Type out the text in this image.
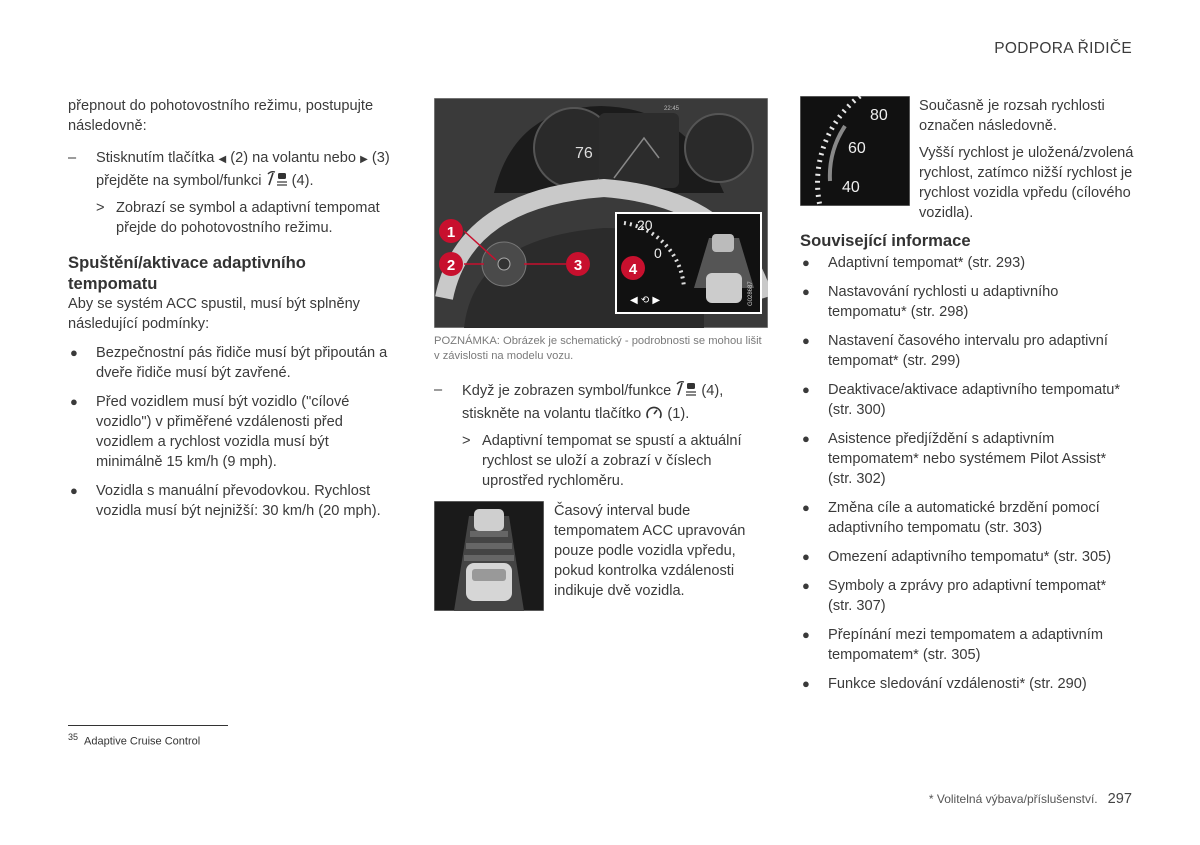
PODPORA ŘIDIČE

přepnout do pohotovostního režimu, postupujte následovně:

– Stisknutím tlačítka ◀ (2) na volantu nebo ▶ (3) přejděte na symbol/funkci (4).
> Zobrazí se symbol a adaptivní tempomat přejde do pohotovostního režimu.
Spuštění/aktivace adaptivního tempomatu

Aby se systém ACC spustil, musí být splněny následující podmínky:

● Bezpečnostní pás řidiče musí být připoután a dveře řidiče musí být zavřené.
● Před vozidlem musí být vozidlo ("cílové vozidlo") v přiměřené vzdálenosti před vozidlem a rychlost vozidla musí být minimálně 15 km/h (9 mph).
● Vozidla s manuální převodovkou. Rychlost vozidla musí být nejnižší: 30 km/h (20 mph).
76
22:45
20
0
◀ ⟲ ▶	G028687
1
2	3	4
POZNÁMKA: Obrázek je schematický - podrobnosti se mohou lišit v závislosti na modelu vozu.
– Když je zobrazen symbol/funkce (4), stiskněte na volantu tlačítko (1).
> Adaptivní tempomat se spustí a aktuální rychlost se uloží a zobrazí v číslech uprostřed rychloměru.

Časový interval bude tempomatem ACC upravován pouze podle vozidla vpředu, pokud kontrolka vzdálenosti indikuje dvě vozidla.

80
60
40

Současně je rozsah rychlosti označen následovně.

Vyšší rychlost je uložená/zvolená rychlost, zatímco nižší rychlost je rychlost vozidla vpředu (cílového vozidla).

Související informace
● Adaptivní tempomat* (str. 293)
● Nastavování rychlosti u adaptivního tempomatu* (str. 298)
● Nastavení časového intervalu pro adaptivní tempomat* (str. 299)
● Deaktivace/aktivace adaptivního tempomatu* (str. 300)
● Asistence předjíždění s adaptivním tempomatem* nebo systémem Pilot Assist* (str. 302)
● Změna cíle a automatické brzdění pomocí adaptivního tempomatu (str. 303)
● Omezení adaptivního tempomatu* (str. 305)
● Symboly a zprávy pro adaptivní tempomat* (str. 307)
● Přepínání mezi tempomatem a adaptivním tempomatem* (str. 305)
● Funkce sledování vzdálenosti* (str. 290)
$^{35}$ Adaptive Cruise Control
* Volitelná výbava/příslušenství. 297
